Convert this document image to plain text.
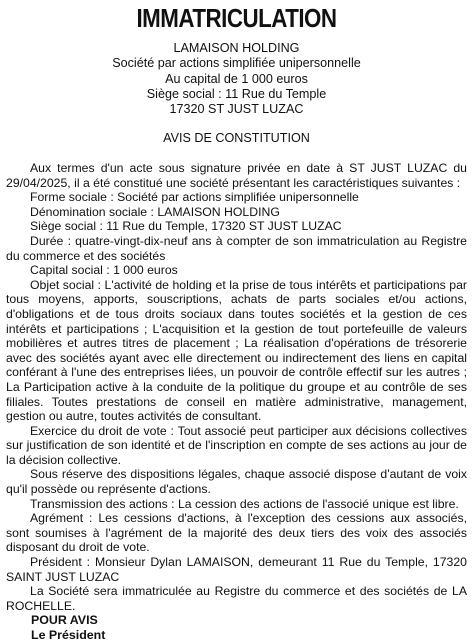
IMMATRICULATION
LAMAISON HOLDING
Société par actions simplifiée unipersonnelle
Au capital de 1 000 euros
Siège social : 11 Rue du Temple
17320 ST JUST LUZAC
AVIS DE CONSTITUTION

Aux termes d'un acte sous signature privée en date à ST JUST LUZAC du 29/04/2025, il a été constitué une société présentant les caractéristiques suivantes :

Forme sociale : Société par actions simplifiée unipersonnelle

Dénomination sociale : LAMAISON HOLDING

Siège social : 11 Rue du Temple, 17320 ST JUST LUZAC

Durée : quatre-vingt-dix-neuf ans à compter de son immatriculation au Registre du commerce et des sociétés

Capital social : 1 000 euros

Objet social : L'activité de holding et la prise de tous intérêts et participations par tous moyens, apports, souscriptions, achats de parts sociales et/ou actions, d'obligations et de tous droits sociaux dans toutes sociétés et la gestion de ces intérêts et participations ; L'acquisition et la gestion de tout portefeuille de valeurs mobilières et autres titres de placement ; La réalisation d'opérations de trésorerie avec des sociétés ayant avec elle directement ou indirectement des liens en capital conférant à l'une des entreprises liées, un pouvoir de contrôle effectif sur les autres ; La Participation active à la conduite de la politique du groupe et au contrôle de ses filiales. Toutes prestations de conseil en matière administrative, management, gestion ou autre, toutes activités de consultant.

Exercice du droit de vote : Tout associé peut participer aux décisions collectives sur justification de son identité et de l'inscription en compte de ses actions au jour de la décision collective.

Sous réserve des dispositions légales, chaque associé dispose d'autant de voix qu'il possède ou représente d'actions.

Transmission des actions : La cession des actions de l'associé unique est libre.

Agrément : Les cessions d'actions, à l'exception des cessions aux associés, sont soumises à l'agrément de la majorité des deux tiers des voix des associés disposant du droit de vote.

Président : Monsieur Dylan LAMAISON, demeurant 11 Rue du Temple, 17320 SAINT JUST LUZAC

La Société sera immatriculée au Registre du commerce et des sociétés de LA ROCHELLE.

POUR AVIS
Le Président
